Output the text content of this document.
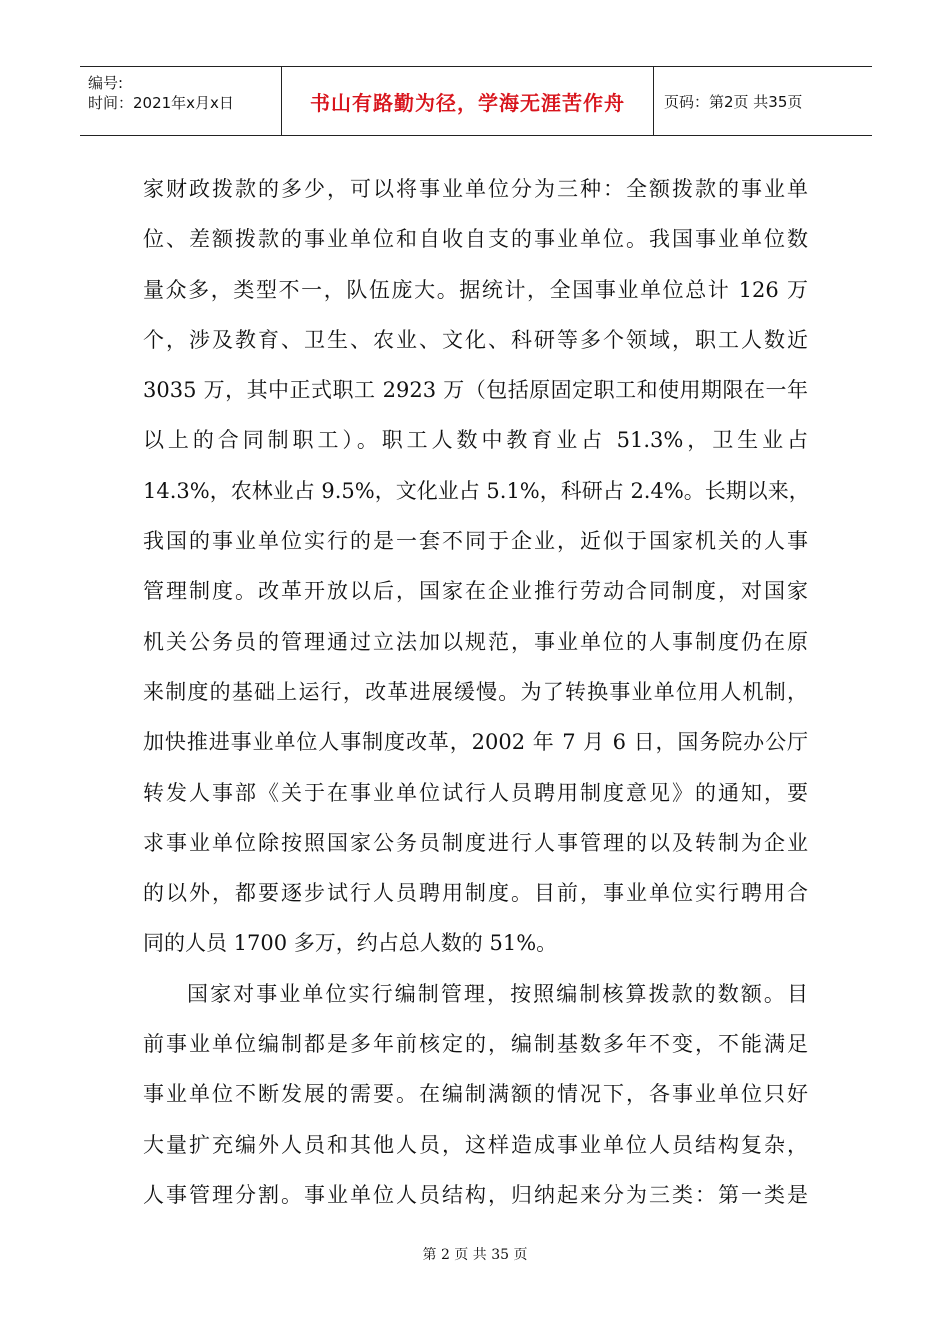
编号:
时间：2021年x月x日	书山有路勤为径，学海无涯苦作舟	页码：第2页 共35页
家财政拨款的多少，可以将事业单位分为三种：全额拨款的事业单
位、差额拨款的事业单位和自收自支的事业单位。我国事业单位数
量众多，类型不一，队伍庞大。据统计，全国事业单位总计 126 万
个，涉及教育、卫生、农业、文化、科研等多个领域，职工人数近
3035 万，其中正式职工 2923 万（包括原固定职工和使用期限在一年
以上的合同制职工）。职工人数中教育业占 51.3%，卫生业占
14.3%，农林业占 9.5%，文化业占 5.1%，科研占 2.4%。长期以来，
我国的事业单位实行的是一套不同于企业，近似于国家机关的人事
管理制度。改革开放以后，国家在企业推行劳动合同制度，对国家
机关公务员的管理通过立法加以规范，事业单位的人事制度仍在原
来制度的基础上运行，改革进展缓慢。为了转换事业单位用人机制，
加快推进事业单位人事制度改革，2002 年 7 月 6 日，国务院办公厅
转发人事部《关于在事业单位试行人员聘用制度意见》的通知，要
求事业单位除按照国家公务员制度进行人事管理的以及转制为企业
的以外，都要逐步试行人员聘用制度。目前，事业单位实行聘用合
同的人员 1700 多万，约占总人数的 51%。
国家对事业单位实行编制管理，按照编制核算拨款的数额。目
前事业单位编制都是多年前核定的，编制基数多年不变，不能满足
事业单位不断发展的需要。在编制满额的情况下，各事业单位只好
大量扩充编外人员和其他人员，这样造成事业单位人员结构复杂，
人事管理分割。事业单位人员结构，归纳起来分为三类：第一类是
第 2 页 共 35 页
